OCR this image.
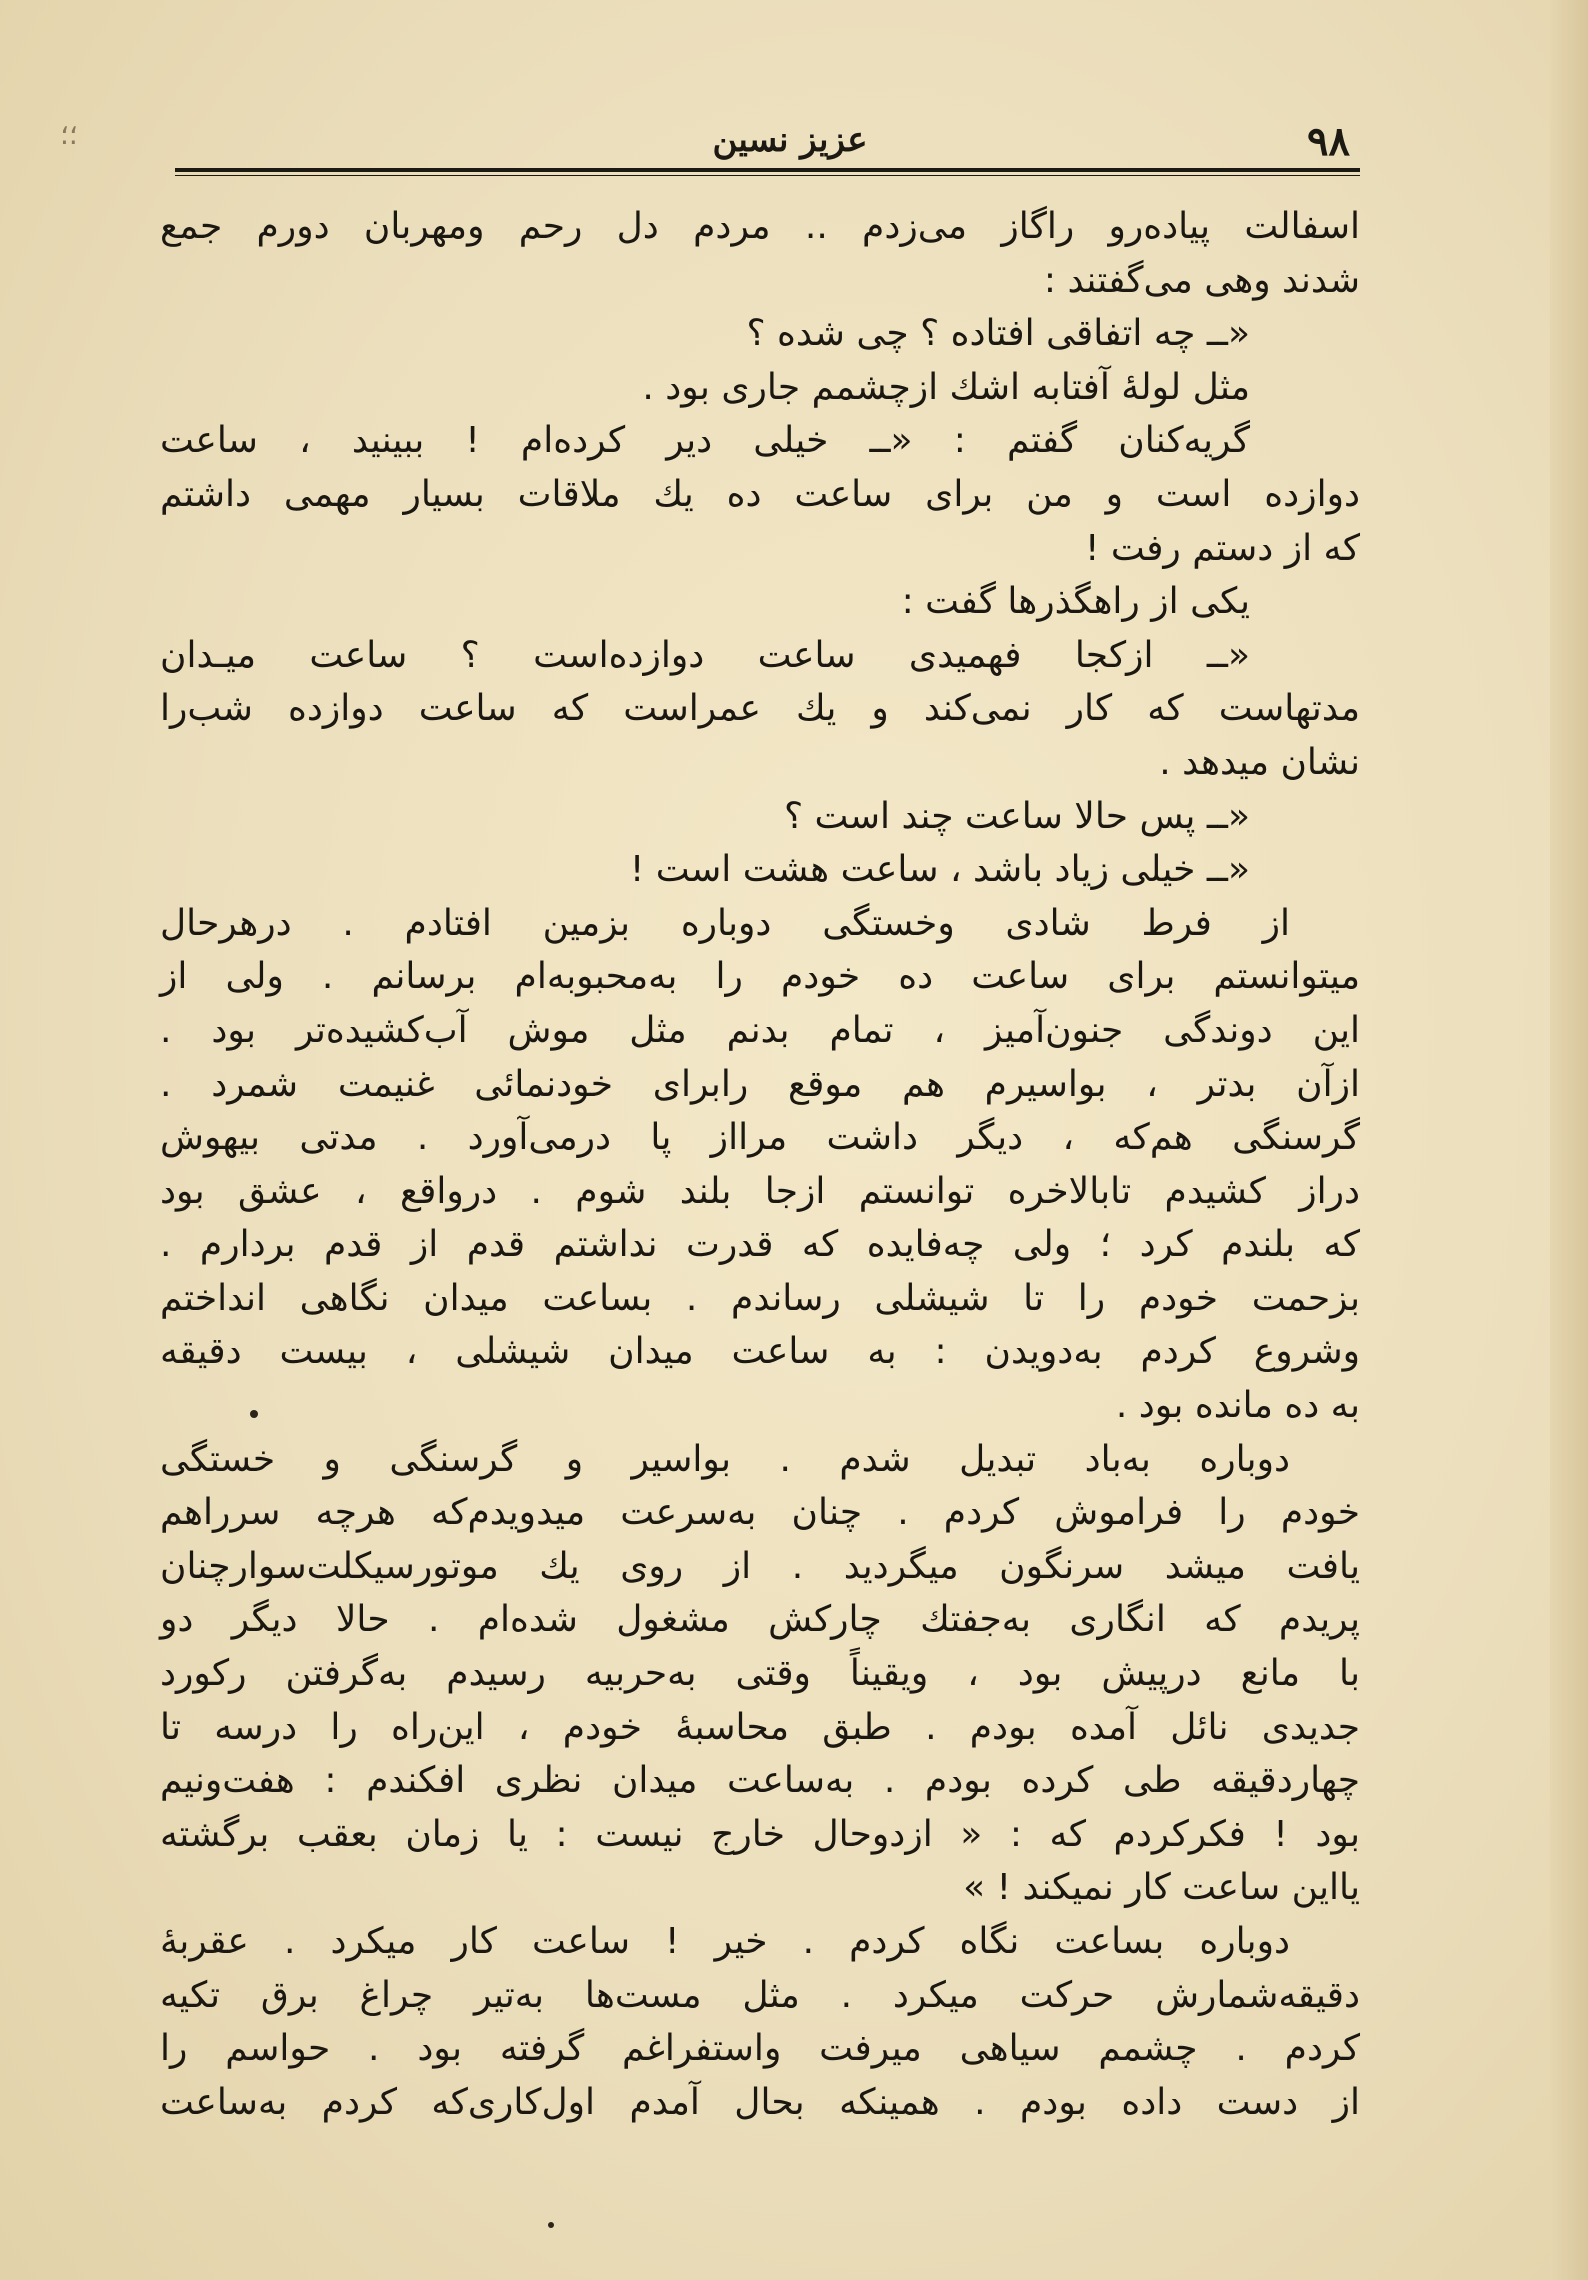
؛؛	۹۸
عزیز نسین
اسفالت پیاده‌رو راگاز می‌زدم .. مردم دل رحم ومهربان دورم جمع
شدند وهی می‌گفتند :
«ــ چه اتفاقی افتاده ؟ چی شده ؟
مثل لولهٔ آفتابه اشك ازچشمم جاری بود .
گریه‌کنان گفتم : «ــ خیلی دیر کرده‌ام ! ببینید ، ساعت
دوازده است و من برای ساعت ده یك ملاقات بسیار مهمی داشتم
که از دستم رفت !
یکی از راهگذرها گفت :
«ــ ازکجا فهمیدی ساعت دوازده‌است ؟ ساعت میـدان
مدتهاست که کار نمی‌کند و یك عمراست که ساعت دوازده شب‌را
نشان میدهد .
«ــ پس حالا ساعت چند است ؟
«ــ خیلی زیاد باشد ، ساعت هشت است !
از فرط شادی وخستگی دوباره بزمین افتادم . درهرحال
میتوانستم برای ساعت ده خودم را به‌محبوبه‌ام برسانم . ولی از
این دوندگی جنون‌آمیز ، تمام بدنم مثل موش آب‌کشیده‌تر بود .
ازآن بدتر ، بواسیرم هم موقع رابرای خودنمائی غنیمت شمرد .
گرسنگی هم‌که ، دیگر داشت مرااز پا درمی‌آورد . مدتی بیهوش
دراز کشیدم تابالاخره توانستم ازجا بلند شوم . درواقع ، عشق بود
که بلندم کرد ؛ ولی چه‌فایده که قدرت نداشتم قدم از قدم بردارم .
بزحمت خودم را تا شیشلی رساندم . بساعت میدان نگاهی انداختم
وشروع کردم به‌دویدن : به ساعت میدان شیشلی ، بیست دقیقه
به ده مانده بود .
دوباره به‌باد تبدیل شدم . بواسیر و گرسنگی و خستگی
خودم را فراموش کردم . چنان به‌سرعت میدویدم‌که هرچه سرراهم
یافت میشد سرنگون میگردید . از روی یك موتورسیکلت‌سوارچنان
پریدم که انگاری به‌جفتك چارکش مشغول شده‌ام . حالا دیگر دو
با مانع درپیش بود ، ویقیناً وقتی به‌حربیه رسیدم به‌گرفتن رکورد
جدیدی نائل آمده بودم . طبق محاسبهٔ خودم ، این‌راه را درسه تا
چهاردقیقه طی کرده بودم . به‌ساعت میدان نظری افکندم : هفت‌ونیم
بود ! فکرکردم که : « ازدوحال خارج نیست : یا زمان بعقب برگشته
یااین ساعت کار نمیکند ! »
دوباره بساعت نگاه کردم . خیر ! ساعت کار میکرد . عقربهٔ
دقیقه‌شمارش حرکت میکرد . مثل مست‌ها به‌تیر چراغ برق تکیه
کردم . چشمم سیاهی میرفت واستفراغم گرفته بود . حواسم را
از دست داده بودم . همینکه بحال آمدم اول‌کاری‌که کردم به‌ساعت
